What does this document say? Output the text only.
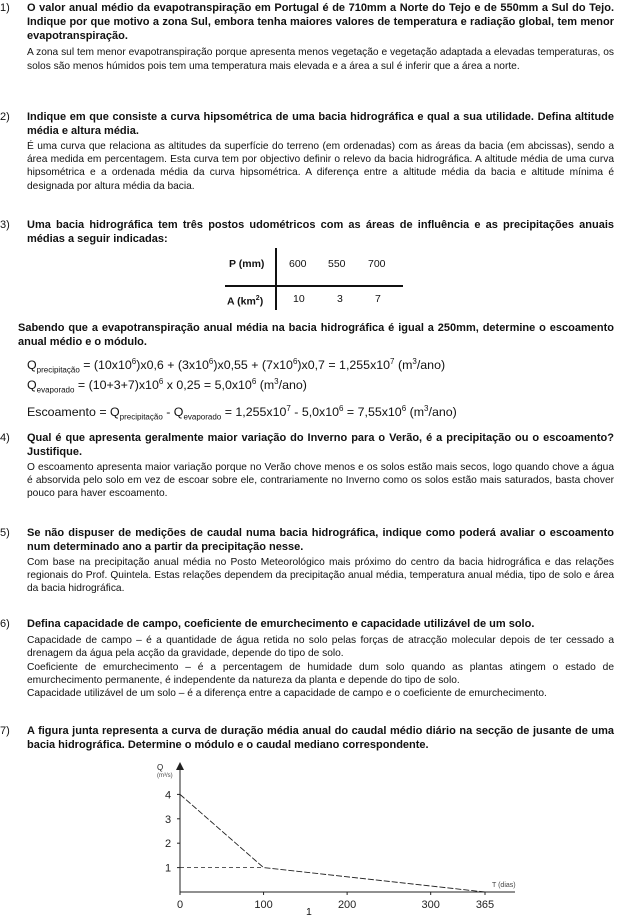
1) O valor anual médio da evapotranspiração em Portugal é de 710mm a Norte do Tejo e de 550mm a Sul do Tejo. Indique por que motivo a zona Sul, embora tenha maiores valores de temperatura e radiação global, tem menor evapotranspiração.

A zona sul tem menor evapotranspiração porque apresenta menos vegetação e vegetação adaptada a elevadas temperaturas, os solos são menos húmidos pois tem uma temperatura mais elevada e a área a sul é inferir que a área a norte.

2) Indique em que consiste a curva hipsométrica de uma bacia hidrográfica e qual a sua utilidade. Defina altitude média e altura média.

É uma curva que relaciona as altitudes da superfície do terreno (em ordenadas) com as áreas da bacia (em abcissas), sendo a área medida em percentagem. Esta curva tem por objectivo definir o relevo da bacia hidrográfica. A altitude média de uma curva hipsométrica e a ordenada média da curva hipsométrica. A diferença entre a altitude média da bacia e altitude mínima é designada por altura média da bacia.

3) Uma bacia hidrográfica tem três postos udométricos com as áreas de influência e as precipitações anuais médias a seguir indicadas:
P (mm) 600 550 700
A $(km^2)$	10	3	7
Sabendo que a evapotranspiração anual média na bacia hidrográfica é igual a 250mm, determine o escoamento anual médio e o módulo.
$Q_{precipitação} = (10x10^6)x0,6 + (3x10^6)x0,55 + (7x10^6)x0,7 = 1,255x10^7$ $(m^3/ano)$
$Q_{evaporado} = (10+3+7)x10^6$ x $0,25 = 5,0x10^6$ $(m^3/ano)$
Escoamento = $Q_{precipitação} - Q_{evaporado} = 1,255x10^7 - 5,0x10^6 = 7,55x10^6$ $(m^3/ano)$
4) Qual é que apresenta geralmente maior variação do Inverno para o Verão, é a precipitação ou o escoamento? Justifique.

O escoamento apresenta maior variação porque no Verão chove menos e os solos estão mais secos, logo quando chove a água é absorvida pelo solo em vez de escoar sobre ele, contrariamente no Inverno como os solos estão mais saturados, basta chover pouco para haver escoamento.

5) Se não dispuser de medições de caudal numa bacia hidrográfica, indique como poderá avaliar o escoamento num determinado ano a partir da precipitação nesse.

Com base na precipitação anual média no Posto Meteorológico mais próximo do centro da bacia hidrográfica e das relações regionais do Prof. Quintela. Estas relações dependem da precipitação anual média, temperatura anual média, tipo de solo e área da bacia hidrográfica.

6) Defina capacidade de campo, coeficiente de emurchecimento e capacidade utilizável de um solo.

Capacidade de campo – é a quantidade de água retida no solo pelas forças de atracção molecular depois de ter cessado a drenagem da água pela acção da gravidade, depende do tipo de solo.

Coeficiente de emurchecimento – é a percentagem de humidade dum solo quando as plantas atingem o estado de emurchecimento permanente, é independente da natureza da planta e depende do tipo de solo.

Capacidade utilizável de um solo – é a diferença entre a capacidade de campo e o coeficiente de emurchecimento.

7) A figura junta representa a curva de duração média anual do caudal médio diário na secção de jusante de uma bacia hidrográfica. Determine o módulo e o caudal mediano correspondente.
Q
(m³/s)
T (dias)
1
2
3
4
0	100	200	300	365
1
